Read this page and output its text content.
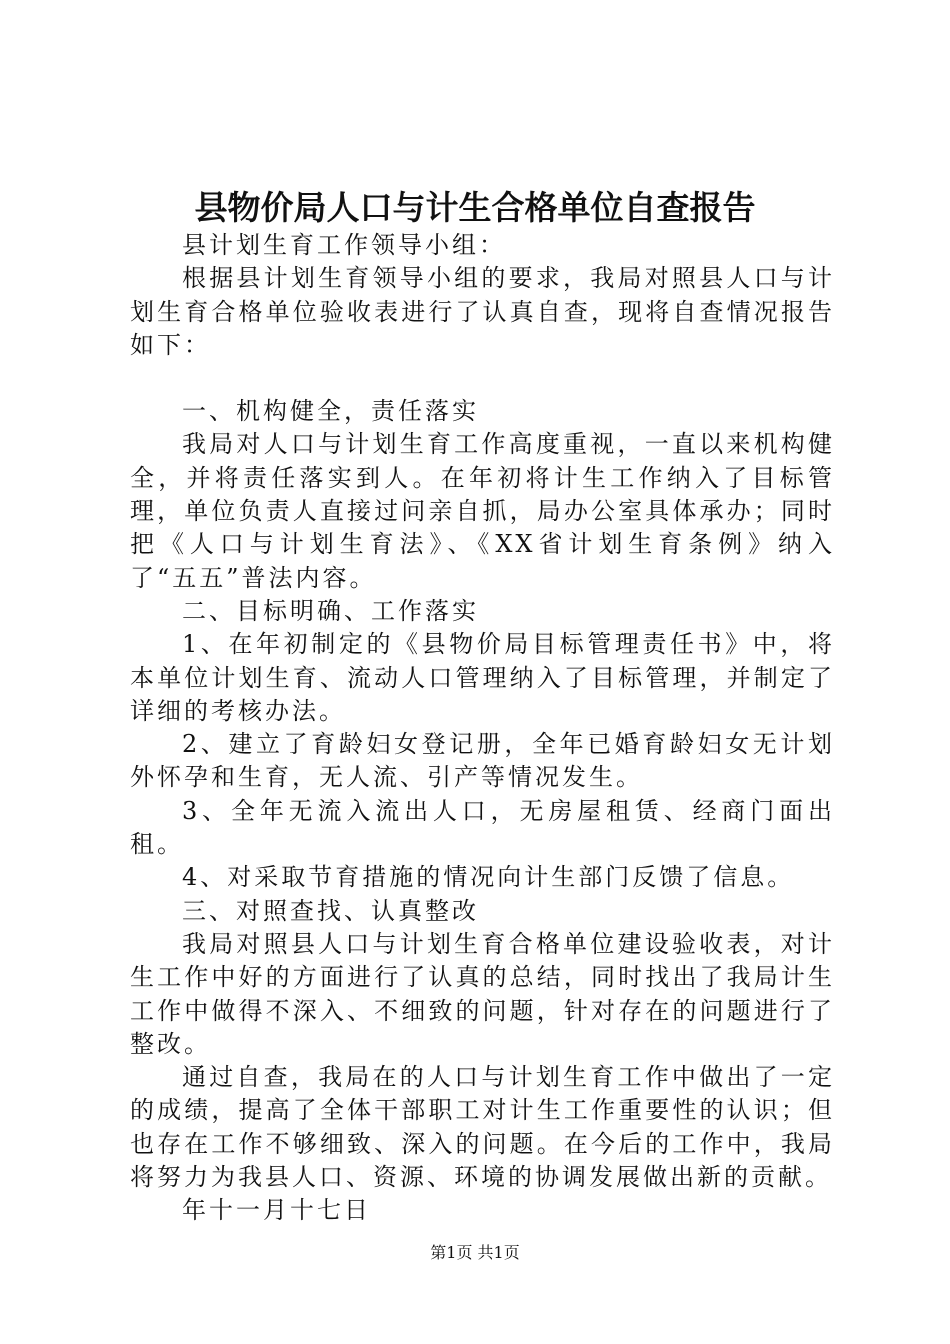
县物价局人口与计生合格单位自查报告

县计划生育工作领导小组：

根据县计划生育领导小组的要求，我局对照县人口与计划生育合格单位验收表进行了认真自查，现将自查情况报告如下：

一、机构健全，责任落实

我局对人口与计划生育工作高度重视，一直以来机构健全，并将责任落实到人。在年初将计生工作纳入了目标管理，单位负责人直接过问亲自抓，局办公室具体承办；同时把《人口与计划生育法》、《XX省计划生育条例》纳入了“五五”普法内容。

二、目标明确、工作落实

1、在年初制定的《县物价局目标管理责任书》中，将本单位计划生育、流动人口管理纳入了目标管理，并制定了详细的考核办法。

2、建立了育龄妇女登记册，全年已婚育龄妇女无计划外怀孕和生育，无人流、引产等情况发生。

3、全年无流入流出人口，无房屋租赁、经商门面出租。

4、对采取节育措施的情况向计生部门反馈了信息。

三、对照查找、认真整改

我局对照县人口与计划生育合格单位建设验收表，对计生工作中好的方面进行了认真的总结，同时找出了我局计生工作中做得不深入、不细致的问题，针对存在的问题进行了整改。

通过自查，我局在的人口与计划生育工作中做出了一定的成绩，提高了全体干部职工对计生工作重要性的认识；但也存在工作不够细致、深入的问题。在今后的工作中，我局将努力为我县人口、资源、环境的协调发展做出新的贡献。

年十一月十七日

第1页 共1页
